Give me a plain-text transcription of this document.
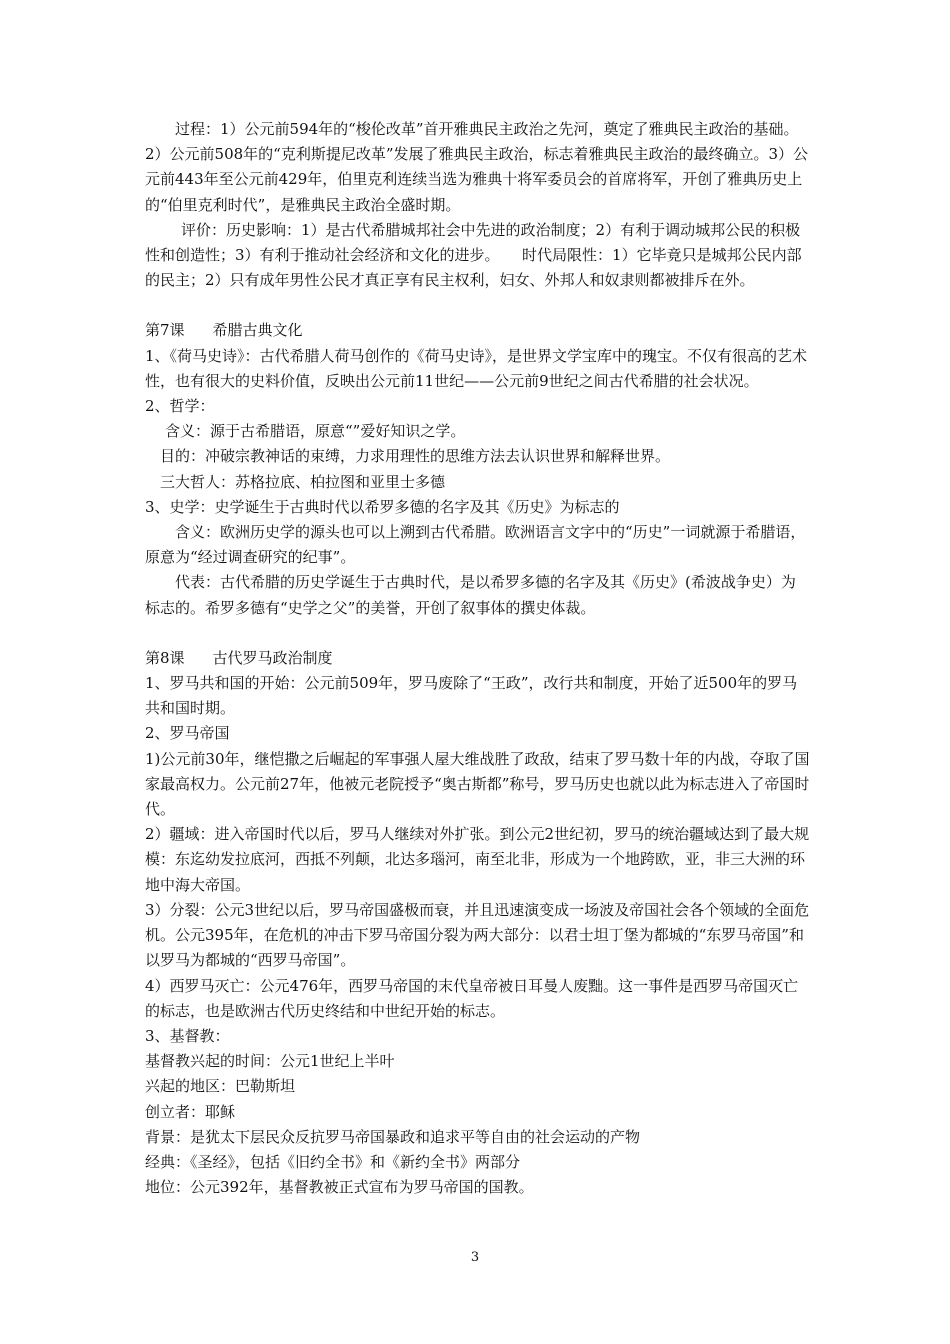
过程：1）公元前594年的“梭伦改革”首开雅典民主政治之先河，奠定了雅典民主政治的基础。2）公元前508年的“克利斯提尼改革”发展了雅典民主政治，标志着雅典民主政治的最终确立。3）公元前443年至公元前429年，伯里克利连续当选为雅典十将军委员会的首席将军，开创了雅典历史上的“伯里克利时代”，是雅典民主政治全盛时期。

评价：历史影响：1）是古代希腊城邦社会中先进的政治制度；2）有利于调动城邦公民的积极性和创造性；3）有利于推动社会经济和文化的进步。　　时代局限性：1）它毕竟只是城邦公民内部的民主；2）只有成年男性公民才真正享有民主权利，妇女、外邦人和奴隶则都被排斥在外。

第7课 希腊古典文化

1、《荷马史诗》：古代希腊人荷马创作的《荷马史诗》，是世界文学宝库中的瑰宝。不仅有很高的艺术性，也有很大的史料价值，反映出公元前11世纪——公元前9世纪之间古代希腊的社会状况。

2、哲学：

含义：源于古希腊语，原意“”爱好知识之学。

目的：冲破宗教神话的束缚，力求用理性的思维方法去认识世界和解释世界。

三大哲人：苏格拉底、柏拉图和亚里士多德

3、史学：史学诞生于古典时代以希罗多德的名字及其《历史》为标志的

含义：欧洲历史学的源头也可以上溯到古代希腊。欧洲语言文字中的“历史”一词就源于希腊语，原意为“经过调查研究的纪事”。

代表：古代希腊的历史学诞生于古典时代，是以希罗多德的名字及其《历史》(希波战争史）为标志的。希罗多德有“史学之父”的美誉，开创了叙事体的撰史体裁。

第8课 古代罗马政治制度

1、罗马共和国的开始：公元前509年，罗马废除了“王政”，改行共和制度，开始了近500年的罗马共和国时期。

2、罗马帝国

1)公元前30年，继恺撒之后崛起的军事强人屋大维战胜了政敌，结束了罗马数十年的内战，夺取了国家最高权力。公元前27年，他被元老院授予“奥古斯都”称号，罗马历史也就以此为标志进入了帝国时代。

2）疆域：进入帝国时代以后，罗马人继续对外扩张。到公元2世纪初，罗马的统治疆域达到了最大规模：东迄幼发拉底河，西抵不列颠，北达多瑙河，南至北非，形成为一个地跨欧，亚，非三大洲的环地中海大帝国。

3）分裂：公元3世纪以后，罗马帝国盛极而衰，并且迅速演变成一场波及帝国社会各个领域的全面危机。公元395年，在危机的冲击下罗马帝国分裂为两大部分：以君士坦丁堡为都城的“东罗马帝国”和以罗马为都城的“西罗马帝国”。

4）西罗马灭亡：公元476年，西罗马帝国的末代皇帝被日耳曼人废黜。这一事件是西罗马帝国灭亡的标志，也是欧洲古代历史终结和中世纪开始的标志。

3、基督教：

基督教兴起的时间：公元1世纪上半叶

兴起的地区：巴勒斯坦

创立者：耶稣

背景：是犹太下层民众反抗罗马帝国暴政和追求平等自由的社会运动的产物

经典：《圣经》，包括《旧约全书》和《新约全书》两部分

地位：公元392年，基督教被正式宣布为罗马帝国的国教。

3
